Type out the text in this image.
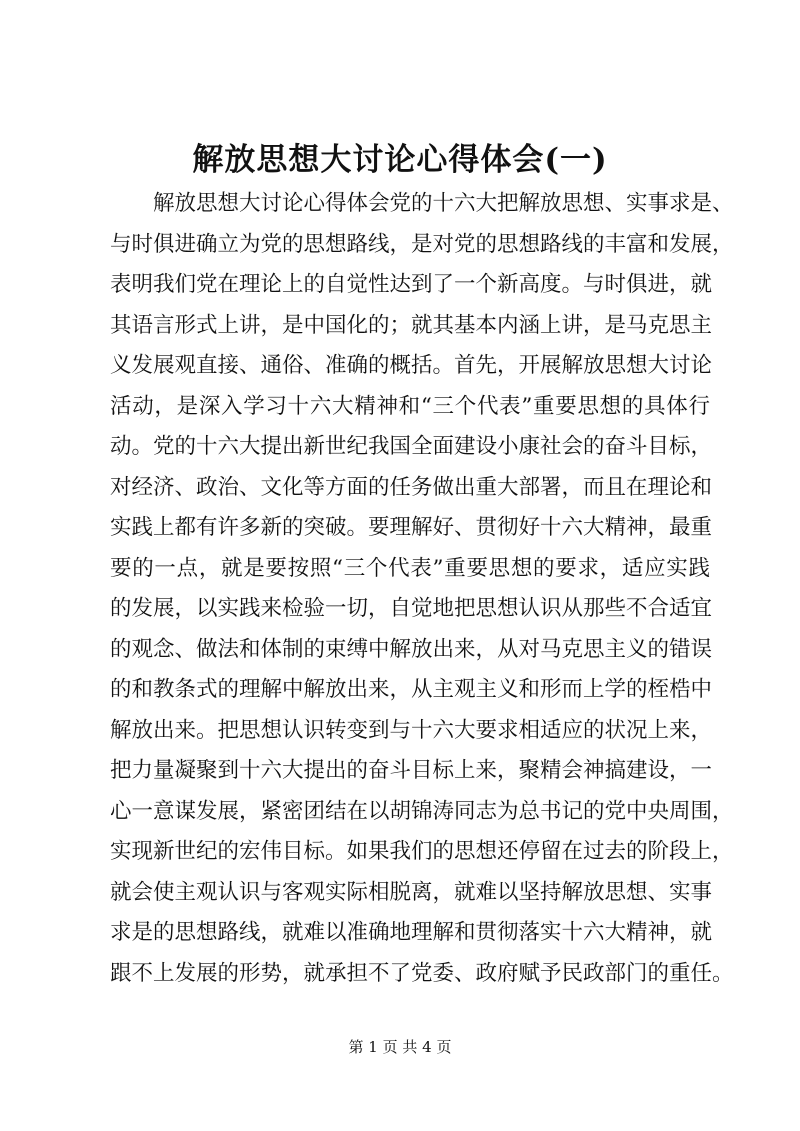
解放思想大讨论心得体会(一)
解放思想大讨论心得体会党的十六大把解放思想、实事求是、
与时俱进确立为党的思想路线，是对党的思想路线的丰富和发展，
表明我们党在理论上的自觉性达到了一个新高度。与时俱进，就
其语言形式上讲，是中国化的；就其基本内涵上讲，是马克思主
义发展观直接、通俗、准确的概括。首先，开展解放思想大讨论
活动，是深入学习十六大精神和“三个代表”重要思想的具体行
动。党的十六大提出新世纪我国全面建设小康社会的奋斗目标，
对经济、政治、文化等方面的任务做出重大部署，而且在理论和
实践上都有许多新的突破。要理解好、贯彻好十六大精神，最重
要的一点，就是要按照“三个代表”重要思想的要求，适应实践
的发展，以实践来检验一切，自觉地把思想认识从那些不合适宜
的观念、做法和体制的束缚中解放出来，从对马克思主义的错误
的和教条式的理解中解放出来，从主观主义和形而上学的桎梏中
解放出来。把思想认识转变到与十六大要求相适应的状况上来，
把力量凝聚到十六大提出的奋斗目标上来，聚精会神搞建设，一
心一意谋发展，紧密团结在以胡锦涛同志为总书记的党中央周围，
实现新世纪的宏伟目标。如果我们的思想还停留在过去的阶段上，
就会使主观认识与客观实际相脱离，就难以坚持解放思想、实事
求是的思想路线，就难以准确地理解和贯彻落实十六大精神，就
跟不上发展的形势，就承担不了党委、政府赋予民政部门的重任。
第 1 页 共 4 页
